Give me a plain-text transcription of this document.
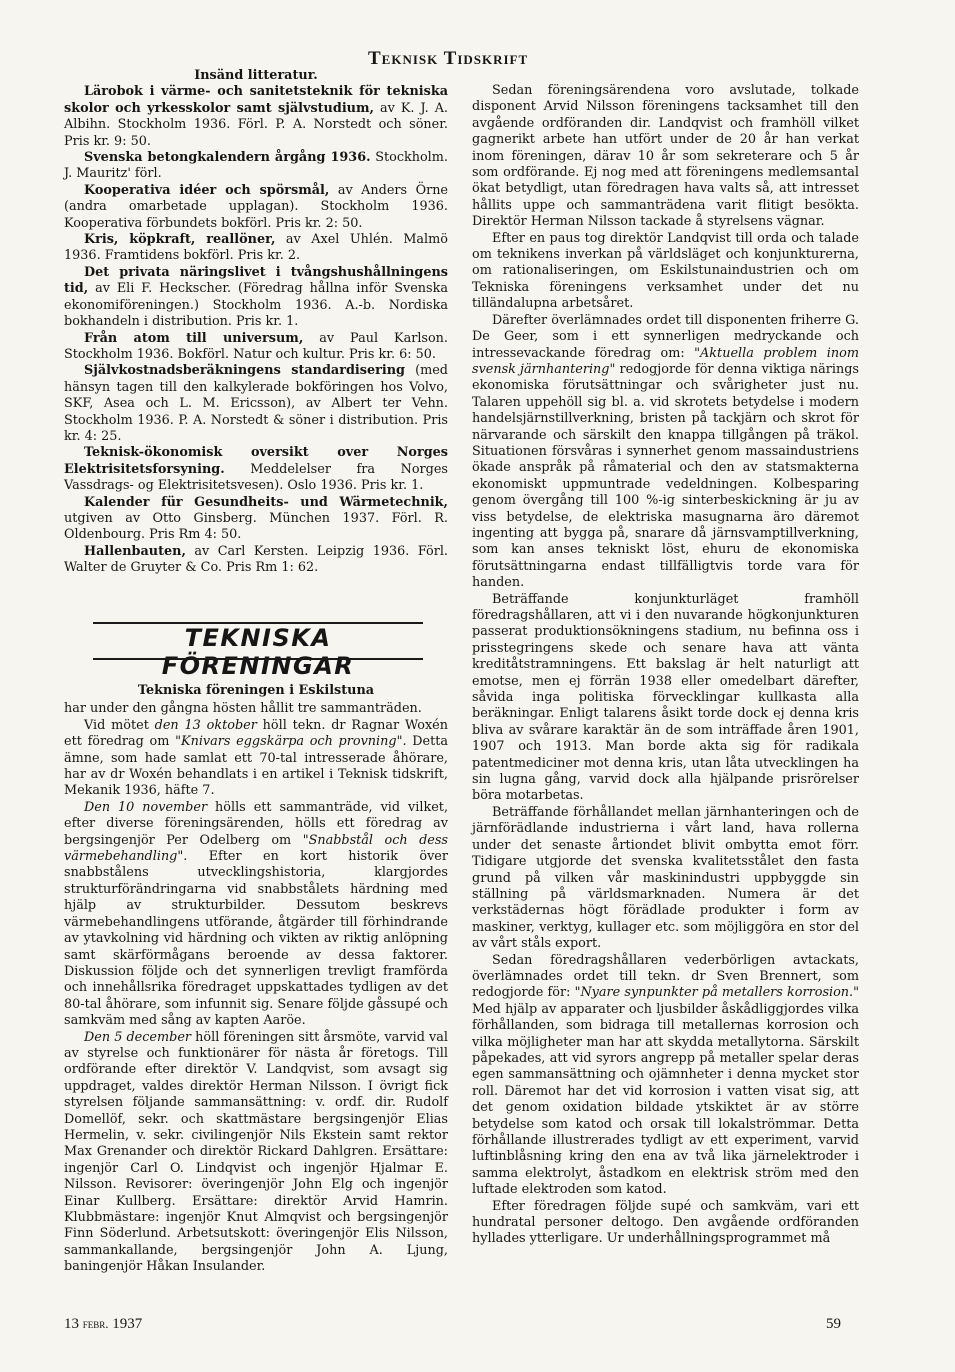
Teknisk Tidskrift
Insänd litteratur.

Lärobok i värme- och sanitetsteknik för tekniska skolor och yrkesskolor samt självstudium, av K. J. A. Albihn. Stockholm 1936. Förl. P. A. Norstedt och söner. Pris kr. 9: 50.

Svenska betongkalendern årgång 1936. Stockholm. J. Mauritz' förl.

Kooperativa idéer och spörsmål, av Anders Örne (andra omarbetade upplagan). Stockholm 1936. Kooperativa förbundets bokförl. Pris kr. 2: 50.

Kris, köpkraft, reallöner, av Axel Uhlén. Malmö 1936. Framtidens bokförl. Pris kr. 2.

Det privata näringslivet i tvångshushållningens tid, av Eli F. Heckscher. (Föredrag hållna inför Svenska ekonomiföreningen.) Stockholm 1936. A.-b. Nordiska bokhandeln i distribution. Pris kr. 1.

Från atom till universum, av Paul Karlson. Stockholm 1936. Bokförl. Natur och kultur. Pris kr. 6: 50.

Självkostnadsberäkningens standardisering (med hänsyn tagen till den kalkylerade bokföringen hos Volvo, SKF, Asea och L. M. Ericsson), av Albert ter Vehn. Stockholm 1936. P. A. Norstedt & söner i distribution. Pris kr. 4: 25.

Teknisk-ökonomisk oversikt over Norges Elektrisitetsforsyning. Meddelelser fra Norges Vassdrags- og Elektrisitetsvesen). Oslo 1936. Pris kr. 1.

Kalender für Gesundheits- und Wärmetechnik, utgiven av Otto Ginsberg. München 1937. Förl. R. Oldenbourg. Pris Rm 4: 50.

Hallenbauten, av Carl Kersten. Leipzig 1936. Förl. Walter de Gruyter & Co. Pris Rm 1: 62.

TEKNISKA FÖRENINGAR
Tekniska föreningen i Eskilstuna

har under den gångna hösten hållit tre sammanträden.

Vid mötet den 13 oktober höll tekn. dr Ragnar Woxén ett föredrag om "Knivars eggskärpa och provning". Detta ämne, som hade samlat ett 70-tal intresserade åhörare, har av dr Woxén behandlats i en artikel i Teknisk tidskrift, Mekanik 1936, häfte 7.

Den 10 november hölls ett sammanträde, vid vilket, efter diverse föreningsärenden, hölls ett föredrag av bergsingenjör Per Odelberg om "Snabbstål och dess värmebehandling". Efter en kort historik över snabbstålens utvecklingshistoria, klargjordes strukturförändringarna vid snabbstålets härdning med hjälp av strukturbilder. Dessutom beskrevs värmebehandlingens utförande, åtgärder till förhindrande av ytavkolning vid härdning och vikten av riktig anlöpning samt skärförmågans beroende av dessa faktorer. Diskussion följde och det synnerligen trevligt framförda och innehållsrika föredraget uppskattades tydligen av det 80-tal åhörare, som infunnit sig. Senare följde gåssupé och samkväm med sång av kapten Aaröe.

Den 5 december höll föreningen sitt årsmöte, varvid val av styrelse och funktionärer för nästa år företogs. Till ordförande efter direktör V. Landqvist, som avsagt sig uppdraget, valdes direktör Herman Nilsson. I övrigt fick styrelsen följande sammansättning: v. ordf. dir. Rudolf Domellöf, sekr. och skattmästare bergsingenjör Elias Hermelin, v. sekr. civilingenjör Nils Ekstein samt rektor Max Grenander och direktör Rickard Dahlgren. Ersättare: ingenjör Carl O. Lindqvist och ingenjör Hjalmar E. Nilsson. Revisorer: överingenjör John Elg och ingenjör Einar Kullberg. Ersättare: direktör Arvid Hamrin. Klubbmästare: ingenjör Knut Almqvist och bergsingenjör Finn Söderlund. Arbetsutskott: överingenjör Elis Nilsson, sammankallande, bergsingenjör John A. Ljung, baningenjör Håkan Insulander.

Sedan föreningsärendena voro avslutade, tolkade disponent Arvid Nilsson föreningens tacksamhet till den avgående ordföranden dir. Landqvist och framhöll vilket gagnerikt arbete han utfört under de 20 år han verkat inom föreningen, därav 10 år som sekreterare och 5 år som ordförande. Ej nog med att föreningens medlemsantal ökat betydligt, utan föredragen hava valts så, att intresset hållits uppe och sammanträdena varit flitigt besökta. Direktör Herman Nilsson tackade å styrelsens vägnar.

Efter en paus tog direktör Landqvist till orda och talade om teknikens inverkan på världsläget och konjunkturerna, om rationaliseringen, om Eskilstunaindustrien och om Tekniska föreningens verksamhet under det nu tilländalupna arbetsåret.

Därefter överlämnades ordet till disponenten friherre G. De Geer, som i ett synnerligen medryckande och intressevackande föredrag om: "Aktuella problem inom svensk järnhantering" redogjorde för denna viktiga närings ekonomiska förutsättningar och svårigheter just nu. Talaren uppehöll sig bl. a. vid skrotets betydelse i modern handelsjärnstillverkning, bristen på tackjärn och skrot för närvarande och särskilt den knappa tillgången på träkol. Situationen försvåras i synnerhet genom massaindustriens ökade anspråk på råmaterial och den av statsmakterna ekonomiskt uppmuntrade vedeldningen. Kolbesparing genom övergång till 100 %-ig sinterbeskickning är ju av viss betydelse, de elektriska masugnarna äro däremot ingenting att bygga på, snarare då järnsvamptillverkning, som kan anses tekniskt löst, ehuru de ekonomiska förutsättningarna endast tillfälligtvis torde vara för handen.

Beträffande konjunkturläget framhöll föredragshållaren, att vi i den nuvarande högkonjunkturen passerat produktionsökningens stadium, nu befinna oss i prisstegringens skede och senare hava att vänta kreditåtstramningens. Ett bakslag är helt naturligt att emotse, men ej förrän 1938 eller omedelbart därefter, såvida inga politiska förvecklingar kullkasta alla beräkningar. Enligt talarens åsikt torde dock ej denna kris bliva av svårare karaktär än de som inträffade åren 1901, 1907 och 1913. Man borde akta sig för radikala patentmediciner mot denna kris, utan låta utvecklingen ha sin lugna gång, varvid dock alla hjälpande prisrörelser böra motarbetas.

Beträffande förhållandet mellan järnhanteringen och de järnförädlande industrierna i vårt land, hava rollerna under det senaste årtiondet blivit ombytta emot förr. Tidigare utgjorde det svenska kvalitetsstålet den fasta grund på vilken vår maskinindustri uppbyggde sin ställning på världsmarknaden. Numera är det verkstädernas högt förädlade produkter i form av maskiner, verktyg, kullager etc. som möjliggöra en stor del av vårt ståls export.

Sedan föredragshållaren vederbörligen avtackats, överlämnades ordet till tekn. dr Sven Brennert, som redogjorde för: "Nyare synpunkter på metallers korrosion." Med hjälp av apparater och ljusbilder åskådliggjordes vilka förhållanden, som bidraga till metallernas korrosion och vilka möjligheter man har att skydda metallytorna. Särskilt påpekades, att vid syrors angrepp på metaller spelar deras egen sammansättning och ojämnheter i denna mycket stor roll. Däremot har det vid korrosion i vatten visat sig, att det genom oxidation bildade ytskiktet är av större betydelse som katod och orsak till lokalströmmar. Detta förhållande illustrerades tydligt av ett experiment, varvid luftinblåsning kring den ena av två lika järnelektroder i samma elektrolyt, åstadkom en elektrisk ström med den luftade elektroden som katod.

Efter föredragen följde supé och samkväm, vari ett hundratal personer deltogo. Den avgående ordföranden hyllades ytterligare. Ur underhållningsprogrammet må

13 febr. 1937	59
